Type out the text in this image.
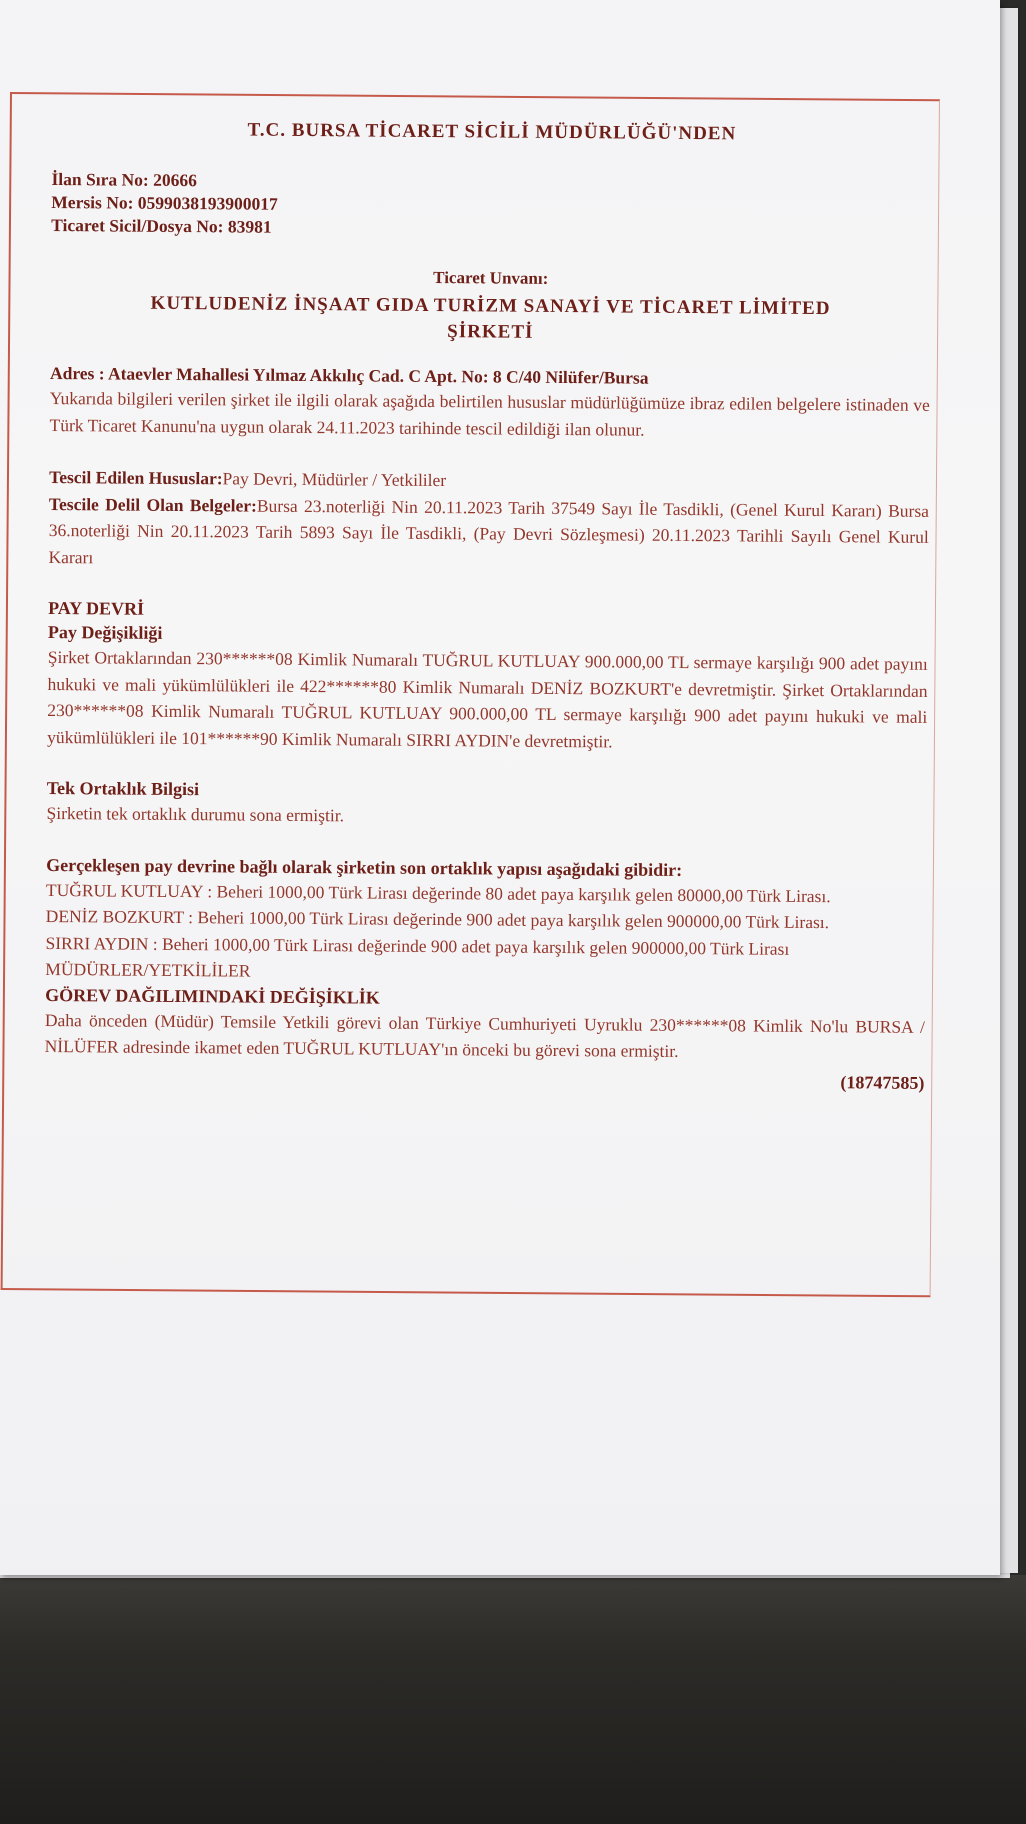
T.C. BURSA TİCARET SİCİLİ MÜDÜRLÜĞÜ'NDEN

İlan Sıra No: 20666

Mersis No: 0599038193900017

Ticaret Sicil/Dosya No: 83981

Ticaret Unvanı:

KUTLUDENİZ İNŞAAT GIDA TURİZM SANAYİ VE TİCARET LİMİTED

ŞİRKETİ

Adres : Ataevler Mahallesi Yılmaz Akkılıç Cad. C Apt. No: 8 C/40 Nilüfer/Bursa

Yukarıda bilgileri verilen şirket ile ilgili olarak aşağıda belirtilen hususlar müdürlüğümüze ibraz edilen belgelere istinaden ve Türk Ticaret Kanunu'na uygun olarak 24.11.2023 tarihinde tescil edildiği ilan olunur.

Tescil Edilen Hususlar:Pay Devri, Müdürler / Yetkililer

Tescile Delil Olan Belgeler:Bursa 23.noterliği Nin 20.11.2023 Tarih 37549 Sayı İle Tasdikli, (Genel Kurul Kararı) Bursa 36.noterliği Nin 20.11.2023 Tarih 5893 Sayı İle Tasdikli, (Pay Devri Sözleşmesi) 20.11.2023 Tarihli Sayılı Genel Kurul Kararı

PAY DEVRİ

Pay Değişikliği

Şirket Ortaklarından 230******08 Kimlik Numaralı TUĞRUL KUTLUAY 900.000,00 TL sermaye karşılığı 900 adet payını hukuki ve mali yükümlülükleri ile 422******80 Kimlik Numaralı DENİZ BOZKURT'e devretmiştir. Şirket Ortaklarından 230******08 Kimlik Numaralı TUĞRUL KUTLUAY 900.000,00 TL sermaye karşılığı 900 adet payını hukuki ve mali yükümlülükleri ile 101******90 Kimlik Numaralı SIRRI AYDIN'e devretmiştir.

Tek Ortaklık Bilgisi

Şirketin tek ortaklık durumu sona ermiştir.

Gerçekleşen pay devrine bağlı olarak şirketin son ortaklık yapısı aşağıdaki gibidir:

TUĞRUL KUTLUAY : Beheri 1000,00 Türk Lirası değerinde 80 adet paya karşılık gelen 80000,00 Türk Lirası.

DENİZ BOZKURT : Beheri 1000,00 Türk Lirası değerinde 900 adet paya karşılık gelen 900000,00 Türk Lirası.

SIRRI AYDIN : Beheri 1000,00 Türk Lirası değerinde 900 adet paya karşılık gelen 900000,00 Türk Lirası

MÜDÜRLER/YETKİLİLER

GÖREV DAĞILIMINDAKİ DEĞİŞİKLİK

Daha önceden (Müdür) Temsile Yetkili görevi olan Türkiye Cumhuriyeti Uyruklu 230******08 Kimlik No'lu BURSA / NİLÜFER adresinde ikamet eden TUĞRUL KUTLUAY'ın önceki bu görevi sona ermiştir.

(18747585)
